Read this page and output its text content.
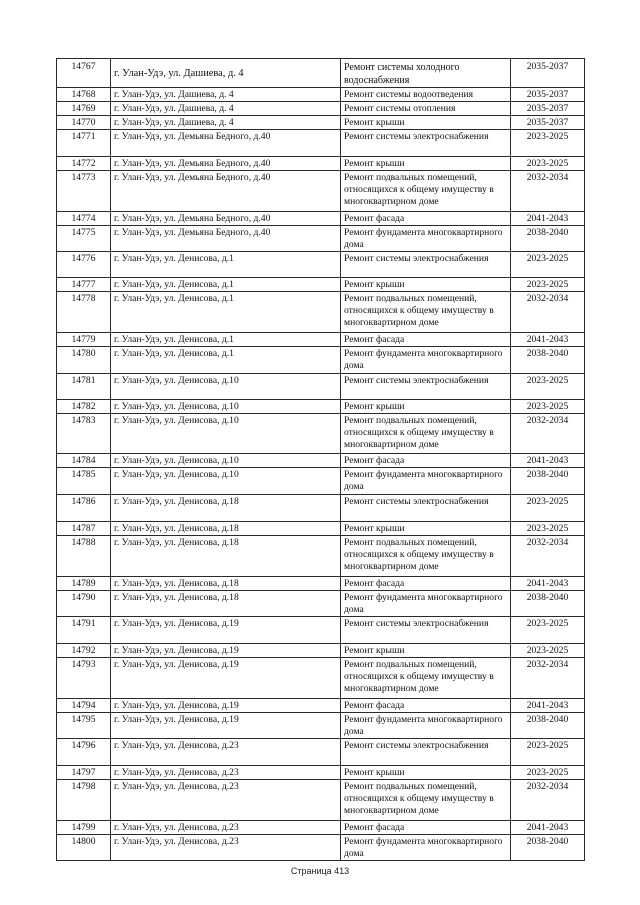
14767	г. Улан-Удэ, ул. Дашиева, д. 4	Ремонт системы холодного водоснабжения	2035-2037
14768	г. Улан-Удэ, ул. Дашиева, д. 4	Ремонт системы водоотведения	2035-2037
14769	г. Улан-Удэ, ул. Дашиева, д. 4	Ремонт системы отопления	2035-2037
14770	г. Улан-Удэ, ул. Дашиева, д. 4	Ремонт крыши	2035-2037
14771	г. Улан-Удэ, ул. Демьяна Бедного, д.40	Ремонт системы электроснабжения	2023-2025
14772	г. Улан-Удэ, ул. Демьяна Бедного, д.40	Ремонт крыши	2023-2025
14773	г. Улан-Удэ, ул. Демьяна Бедного, д.40	Ремонт подвальных помещений, относящихся к общему имуществу в многоквартирном доме	2032-2034
14774	г. Улан-Удэ, ул. Демьяна Бедного, д.40	Ремонт фасада	2041-2043
14775	г. Улан-Удэ, ул. Демьяна Бедного, д.40	Ремонт фундамента многоквартирного дома	2038-2040
14776	г. Улан-Удэ, ул. Денисова, д.1	Ремонт системы электроснабжения	2023-2025
14777	г. Улан-Удэ, ул. Денисова, д.1	Ремонт крыши	2023-2025
14778	г. Улан-Удэ, ул. Денисова, д.1	Ремонт подвальных помещений, относящихся к общему имуществу в многоквартирном доме	2032-2034
14779	г. Улан-Удэ, ул. Денисова, д.1	Ремонт фасада	2041-2043
14780	г. Улан-Удэ, ул. Денисова, д.1	Ремонт фундамента многоквартирного дома	2038-2040
14781	г. Улан-Удэ, ул. Денисова, д.10	Ремонт системы электроснабжения	2023-2025
14782	г. Улан-Удэ, ул. Денисова, д.10	Ремонт крыши	2023-2025
14783	г. Улан-Удэ, ул. Денисова, д.10	Ремонт подвальных помещений, относящихся к общему имуществу в многоквартирном доме	2032-2034
14784	г. Улан-Удэ, ул. Денисова, д.10	Ремонт фасада	2041-2043
14785	г. Улан-Удэ, ул. Денисова, д.10	Ремонт фундамента многоквартирного дома	2038-2040
14786	г. Улан-Удэ, ул. Денисова, д.18	Ремонт системы электроснабжения	2023-2025
14787	г. Улан-Удэ, ул. Денисова, д.18	Ремонт крыши	2023-2025
14788	г. Улан-Удэ, ул. Денисова, д.18	Ремонт подвальных помещений, относящихся к общему имуществу в многоквартирном доме	2032-2034
14789	г. Улан-Удэ, ул. Денисова, д.18	Ремонт фасада	2041-2043
14790	г. Улан-Удэ, ул. Денисова, д.18	Ремонт фундамента многоквартирного дома	2038-2040
14791	г. Улан-Удэ, ул. Денисова, д.19	Ремонт системы электроснабжения	2023-2025
14792	г. Улан-Удэ, ул. Денисова, д.19	Ремонт крыши	2023-2025
14793	г. Улан-Удэ, ул. Денисова, д.19	Ремонт подвальных помещений, относящихся к общему имуществу в многоквартирном доме	2032-2034
14794	г. Улан-Удэ, ул. Денисова, д.19	Ремонт фасада	2041-2043
14795	г. Улан-Удэ, ул. Денисова, д.19	Ремонт фундамента многоквартирного дома	2038-2040
14796	г. Улан-Удэ, ул. Денисова, д.23	Ремонт системы электроснабжения	2023-2025
14797	г. Улан-Удэ, ул. Денисова, д.23	Ремонт крыши	2023-2025
14798	г. Улан-Удэ, ул. Денисова, д.23	Ремонт подвальных помещений, относящихся к общему имуществу в многоквартирном доме	2032-2034
14799	г. Улан-Удэ, ул. Денисова, д.23	Ремонт фасада	2041-2043
14800	г. Улан-Удэ, ул. Денисова, д.23	Ремонт фундамента многоквартирного дома	2038-2040
Страница 413
